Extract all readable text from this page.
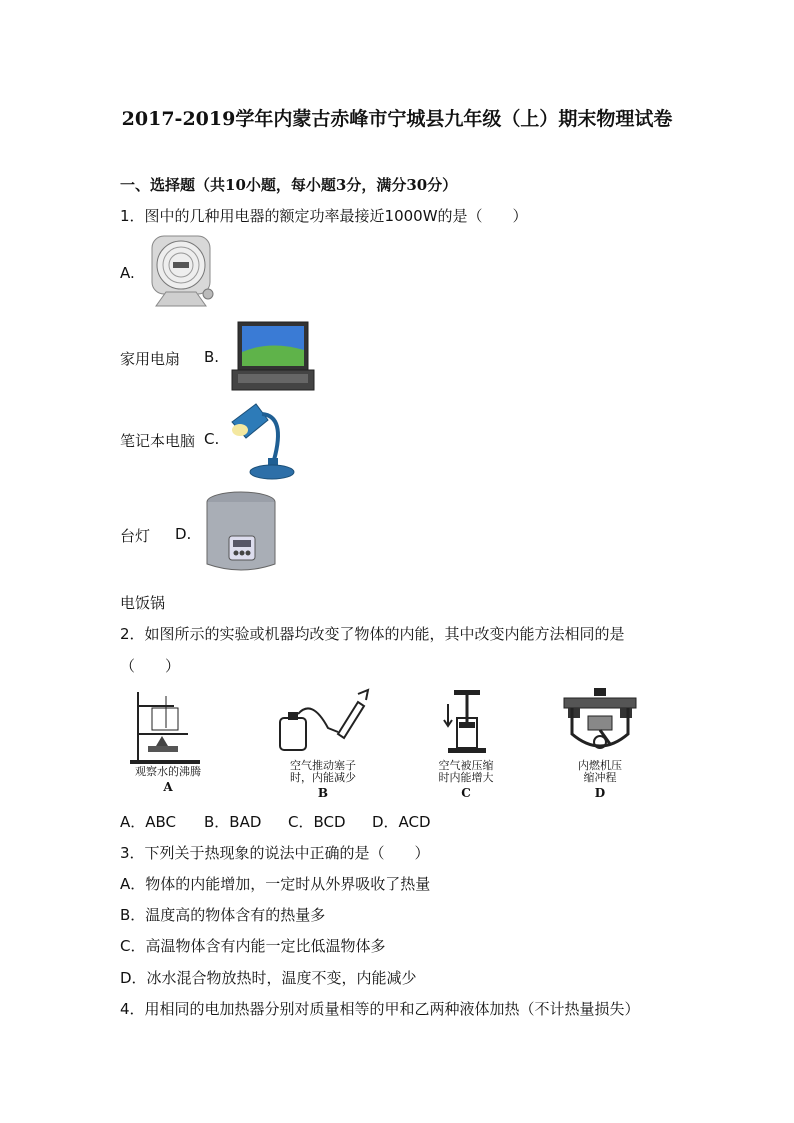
2017-2019学年内蒙古赤峰市宁城县九年级（上）期末物理试卷
一、选择题（共10小题，每小题3分，满分30分）
1．图中的几种用电器的额定功率最接近1000W的是（　　）
A.
家用电扇 B.
笔记本电脑 C.
台灯 D.
电饭锅
2．如图所示的实验或机器均改变了物体的内能，其中改变内能方法相同的是
（　　）
观察水的沸腾
A
空气推动塞子
时，内能减少
B
空气被压缩
时内能增大
C
内燃机压
缩冲程
D
A．ABC B．BAD C．BCD D．ACD
3．下列关于热现象的说法中正确的是（　　）
A．物体的内能增加，一定时从外界吸收了热量
B．温度高的物体含有的热量多
C．高温物体含有内能一定比低温物体多
D．冰水混合物放热时，温度不变，内能减少
4．用相同的电加热器分别对质量相等的甲和乙两种液体加热（不计热量损失）
